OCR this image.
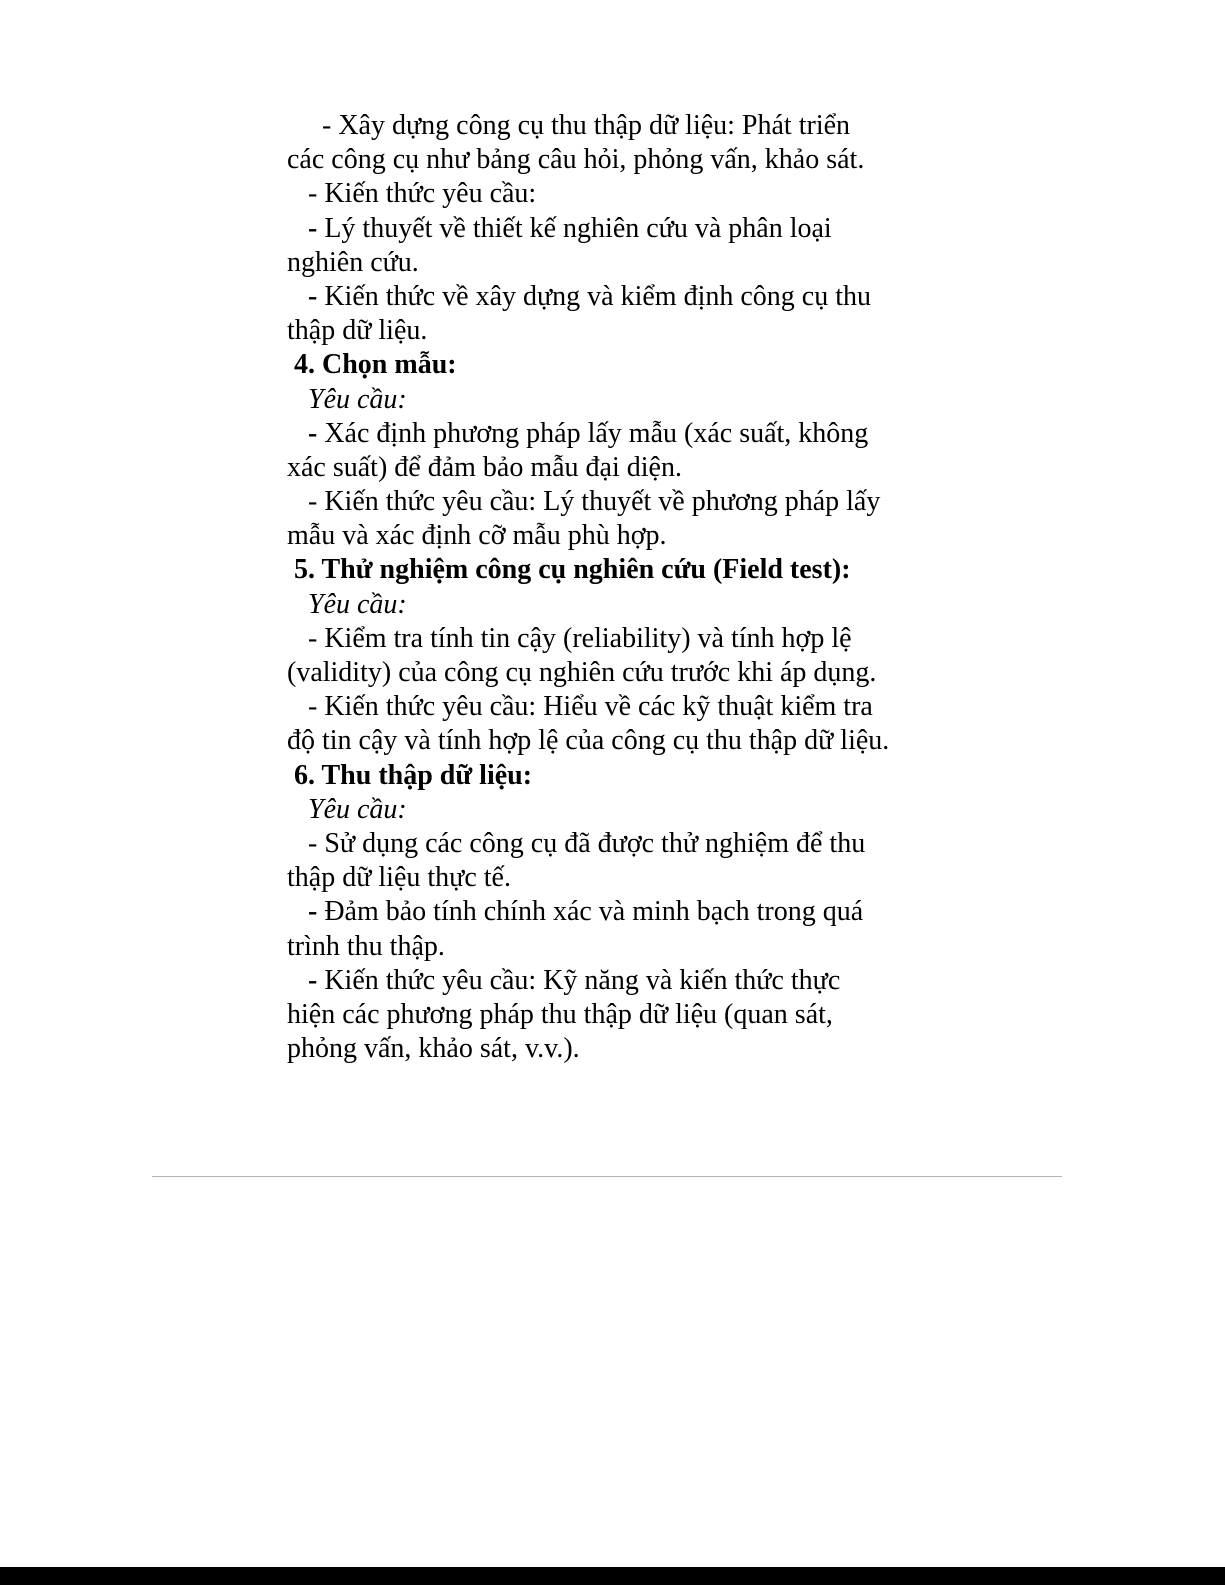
- Xây dựng công cụ thu thập dữ liệu: Phát triển
các công cụ như bảng câu hỏi, phỏng vấn, khảo sát.
- Kiến thức yêu cầu:
- Lý thuyết về thiết kế nghiên cứu và phân loại
nghiên cứu.
- Kiến thức về xây dựng và kiểm định công cụ thu
thập dữ liệu.
4. Chọn mẫu:
Yêu cầu:
- Xác định phương pháp lấy mẫu (xác suất, không
xác suất) để đảm bảo mẫu đại diện.
- Kiến thức yêu cầu: Lý thuyết về phương pháp lấy
mẫu và xác định cỡ mẫu phù hợp.
5. Thử nghiệm công cụ nghiên cứu (Field test):
Yêu cầu:
- Kiểm tra tính tin cậy (reliability) và tính hợp lệ
(validity) của công cụ nghiên cứu trước khi áp dụng.
- Kiến thức yêu cầu: Hiểu về các kỹ thuật kiểm tra
độ tin cậy và tính hợp lệ của công cụ thu thập dữ liệu.
6. Thu thập dữ liệu:
Yêu cầu:
- Sử dụng các công cụ đã được thử nghiệm để thu
thập dữ liệu thực tế.
- Đảm bảo tính chính xác và minh bạch trong quá
trình thu thập.
- Kiến thức yêu cầu: Kỹ năng và kiến thức thực
hiện các phương pháp thu thập dữ liệu (quan sát,
phỏng vấn, khảo sát, v.v.).
